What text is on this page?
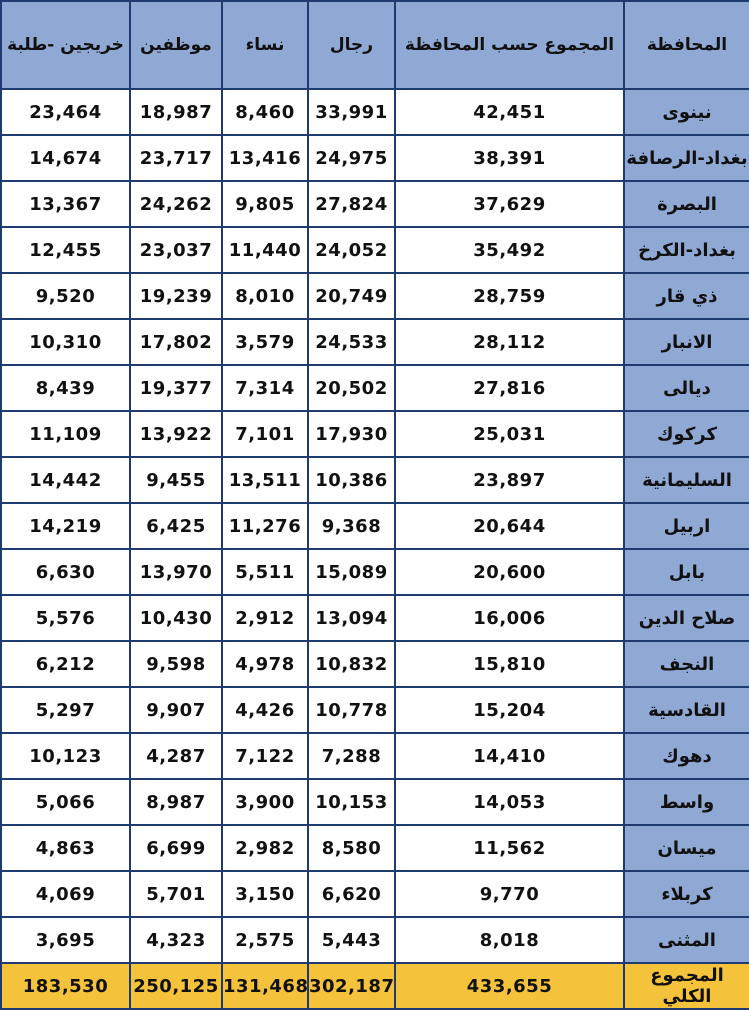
خريجين -طلبة	موظفين	نساء	رجال	المجموع حسب المحافظة	المحافظة
23,464	18,987	8,460	33,991	42,451	نينوى
14,674	23,717	13,416	24,975	38,391	بغداد-الرصافة
13,367	24,262	9,805	27,824	37,629	البصرة
12,455	23,037	11,440	24,052	35,492	بغداد-الكرخ
9,520	19,239	8,010	20,749	28,759	ذي قار
10,310	17,802	3,579	24,533	28,112	الانبار
8,439	19,377	7,314	20,502	27,816	ديالى
11,109	13,922	7,101	17,930	25,031	كركوك
14,442	9,455	13,511	10,386	23,897	السليمانية
14,219	6,425	11,276	9,368	20,644	اربيل
6,630	13,970	5,511	15,089	20,600	بابل
5,576	10,430	2,912	13,094	16,006	صلاح الدين
6,212	9,598	4,978	10,832	15,810	النجف
5,297	9,907	4,426	10,778	15,204	القادسية
10,123	4,287	7,122	7,288	14,410	دهوك
5,066	8,987	3,900	10,153	14,053	واسط
4,863	6,699	2,982	8,580	11,562	ميسان
4,069	5,701	3,150	6,620	9,770	كربلاء
3,695	4,323	2,575	5,443	8,018	المثنى
183,530	250,125	131,468	302,187	433,655	المجموع الكلي
